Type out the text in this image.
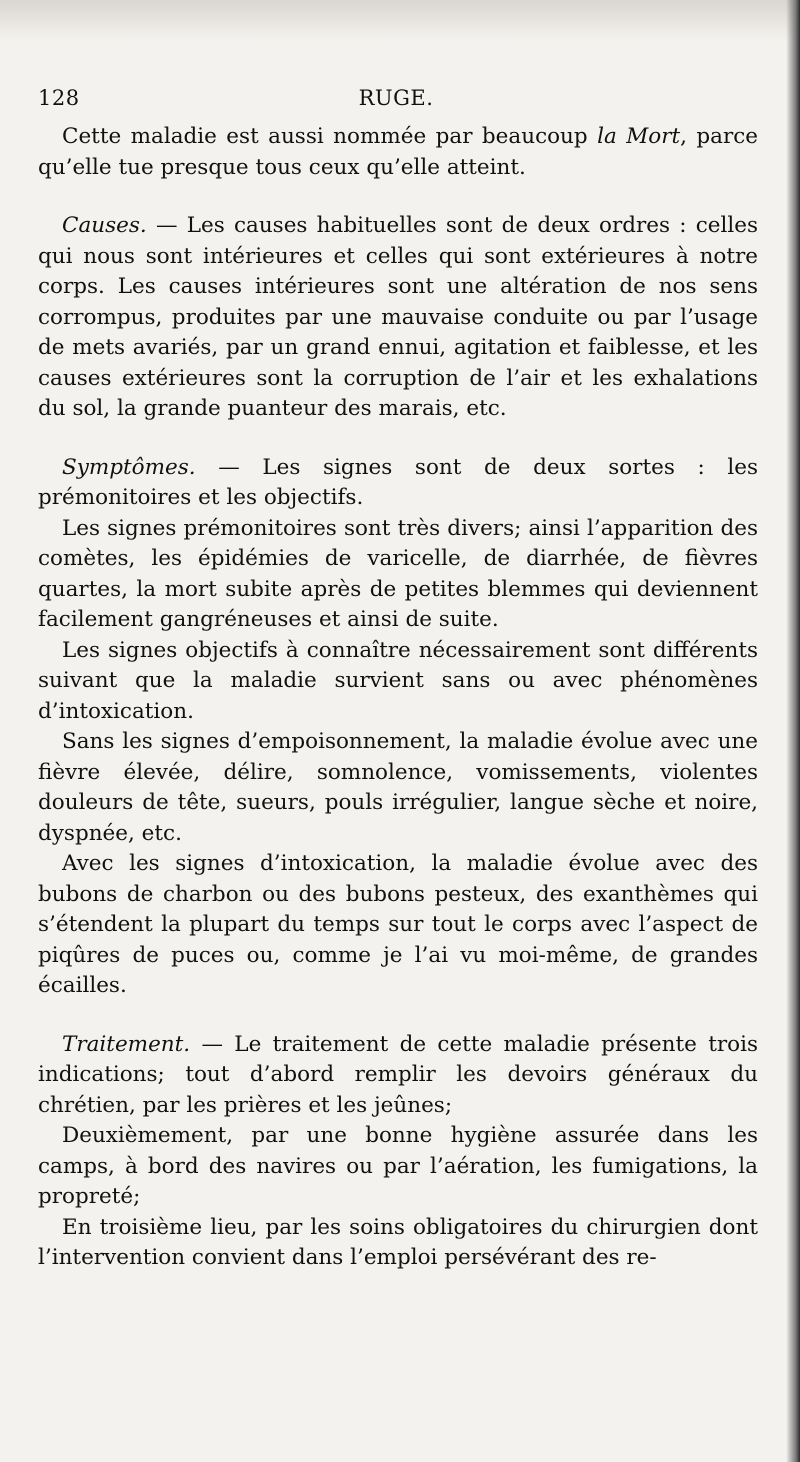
RUGE.
128

Cette maladie est aussi nommée par beaucoup la Mort, parce qu’elle tue presque tous ceux qu’elle atteint.

Causes. — Les causes habituelles sont de deux ordres : celles qui nous sont intérieures et celles qui sont extérieures à notre corps. Les causes intérieures sont une altération de nos sens corrompus, produites par une mauvaise conduite ou par l’usage de mets avariés, par un grand ennui, agitation et faiblesse, et les causes extérieures sont la corruption de l’air et les exhalations du sol, la grande puanteur des marais, etc.

Symptômes. — Les signes sont de deux sortes : les prémonitoires et les objectifs.

Les signes prémonitoires sont très divers; ainsi l’apparition des comètes, les épidémies de varicelle, de diarrhée, de fièvres quartes, la mort subite après de petites blemmes qui deviennent facilement gangréneuses et ainsi de suite.

Les signes objectifs à connaître nécessairement sont différents suivant que la maladie survient sans ou avec phénomènes d’intoxication.

Sans les signes d’empoisonnement, la maladie évolue avec une fièvre élevée, délire, somnolence, vomissements, violentes douleurs de tête, sueurs, pouls irrégulier, langue sèche et noire, dyspnée, etc.

Avec les signes d’intoxication, la maladie évolue avec des bubons de charbon ou des bubons pesteux, des exanthèmes qui s’étendent la plupart du temps sur tout le corps avec l’aspect de piqûres de puces ou, comme je l’ai vu moi-même, de grandes écailles.

Traitement. — Le traitement de cette maladie présente trois indications; tout d’abord remplir les devoirs généraux du chrétien, par les prières et les jeûnes;

Deuxièmement, par une bonne hygiène assurée dans les camps, à bord des navires ou par l’aération, les fumigations, la propreté;

En troisième lieu, par les soins obligatoires du chirurgien dont l’intervention convient dans l’emploi persévérant des re-
